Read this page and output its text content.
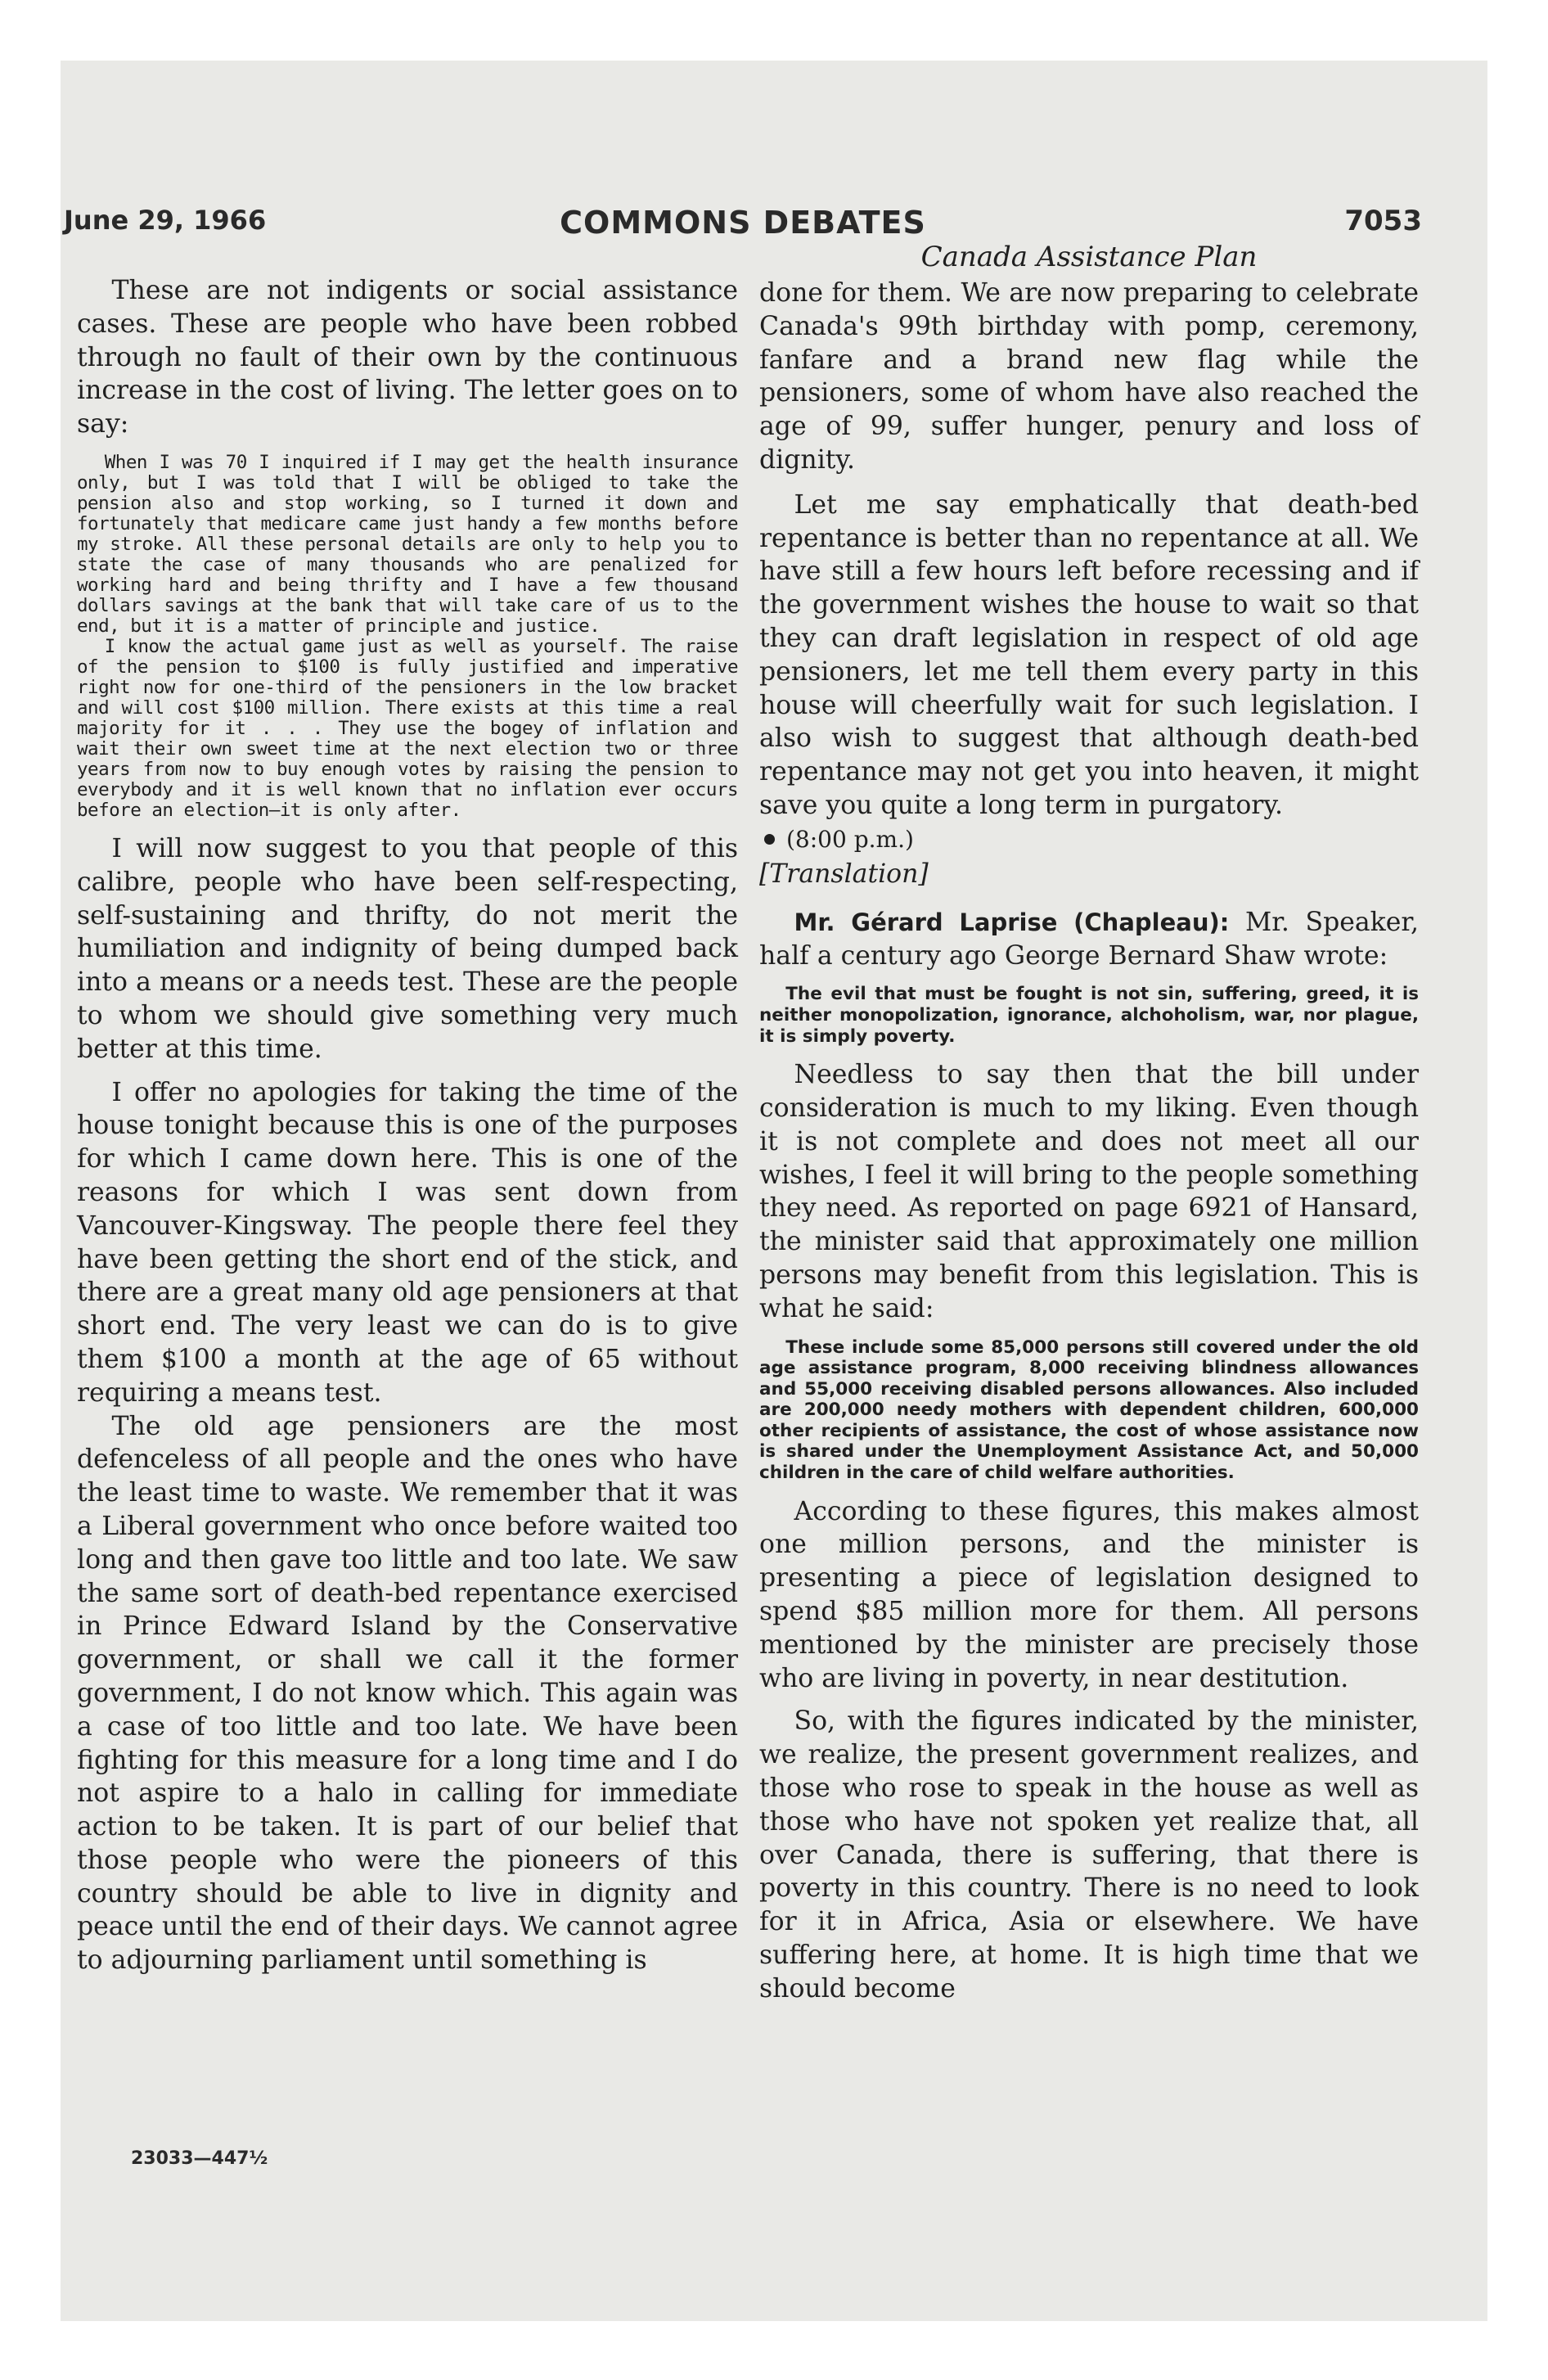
June 29, 1966	COMMONS DEBATES	7053

These are not indigents or social assistance cases. These are people who have been robbed through no fault of their own by the continuous increase in the cost of living. The letter goes on to say:

When I was 70 I inquired if I may get the health insurance only, but I was told that I will be obliged to take the pension also and stop working, so I turned it down and fortunately that medicare came just handy a few months before my stroke. All these personal details are only to help you to state the case of many thousands who are penalized for working hard and being thrifty and I have a few thousand dollars savings at the bank that will take care of us to the end, but it is a matter of principle and justice.

I know the actual game just as well as yourself. The raise of the pension to $100 is fully justified and imperative right now for one-third of the pensioners in the low bracket and will cost $100 million. There exists at this time a real majority for it . . . They use the bogey of inflation and wait their own sweet time at the next election two or three years from now to buy enough votes by raising the pension to everybody and it is well known that no inflation ever occurs before an election—it is only after.

I will now suggest to you that people of this calibre, people who have been self-respecting, self-sustaining and thrifty, do not merit the humiliation and indignity of being dumped back into a means or a needs test. These are the people to whom we should give something very much better at this time.

I offer no apologies for taking the time of the house tonight because this is one of the purposes for which I came down here. This is one of the reasons for which I was sent down from Vancouver-Kingsway. The people there feel they have been getting the short end of the stick, and there are a great many old age pensioners at that short end. The very least we can do is to give them $100 a month at the age of 65 without requiring a means test.

The old age pensioners are the most defenceless of all people and the ones who have the least time to waste. We remember that it was a Liberal government who once before waited too long and then gave too little and too late. We saw the same sort of death-bed repentance exercised in Prince Edward Island by the Conservative government, or shall we call it the former government, I do not know which. This again was a case of too little and too late. We have been fighting for this measure for a long time and I do not aspire to a halo in calling for immediate action to be taken. It is part of our belief that those people who were the pioneers of this country should be able to live in dignity and peace until the end of their days. We cannot agree to adjourning parliament until something is

23033—447½
Canada Assistance Plan

done for them. We are now preparing to celebrate Canada's 99th birthday with pomp, ceremony, fanfare and a brand new flag while the pensioners, some of whom have also reached the age of 99, suffer hunger, penury and loss of dignity.

Let me say emphatically that death-bed repentance is better than no repentance at all. We have still a few hours left before recessing and if the government wishes the house to wait so that they can draft legislation in respect of old age pensioners, let me tell them every party in this house will cheerfully wait for such legislation. I also wish to suggest that although death-bed repentance may not get you into heaven, it might save you quite a long term in purgatory.

(8:00 p.m.)

[Translation]

Mr. Gérard Laprise (Chapleau): Mr. Speaker, half a century ago George Bernard Shaw wrote:

The evil that must be fought is not sin, suffering, greed, it is neither monopolization, ignorance, alchoholism, war, nor plague, it is simply poverty.

Needless to say then that the bill under consideration is much to my liking. Even though it is not complete and does not meet all our wishes, I feel it will bring to the people something they need. As reported on page 6921 of Hansard, the minister said that approximately one million persons may benefit from this legislation. This is what he said:

These include some 85,000 persons still covered under the old age assistance program, 8,000 receiving blindness allowances and 55,000 receiving disabled persons allowances. Also included are 200,000 needy mothers with dependent children, 600,000 other recipients of assistance, the cost of whose assistance now is shared under the Unemployment Assistance Act, and 50,000 children in the care of child welfare authorities.

According to these figures, this makes almost one million persons, and the minister is presenting a piece of legislation designed to spend $85 million more for them. All persons mentioned by the minister are precisely those who are living in poverty, in near destitution.

So, with the figures indicated by the minister, we realize, the present government realizes, and those who rose to speak in the house as well as those who have not spoken yet realize that, all over Canada, there is suffering, that there is poverty in this country. There is no need to look for it in Africa, Asia or elsewhere. We have suffering here, at home. It is high time that we should become
